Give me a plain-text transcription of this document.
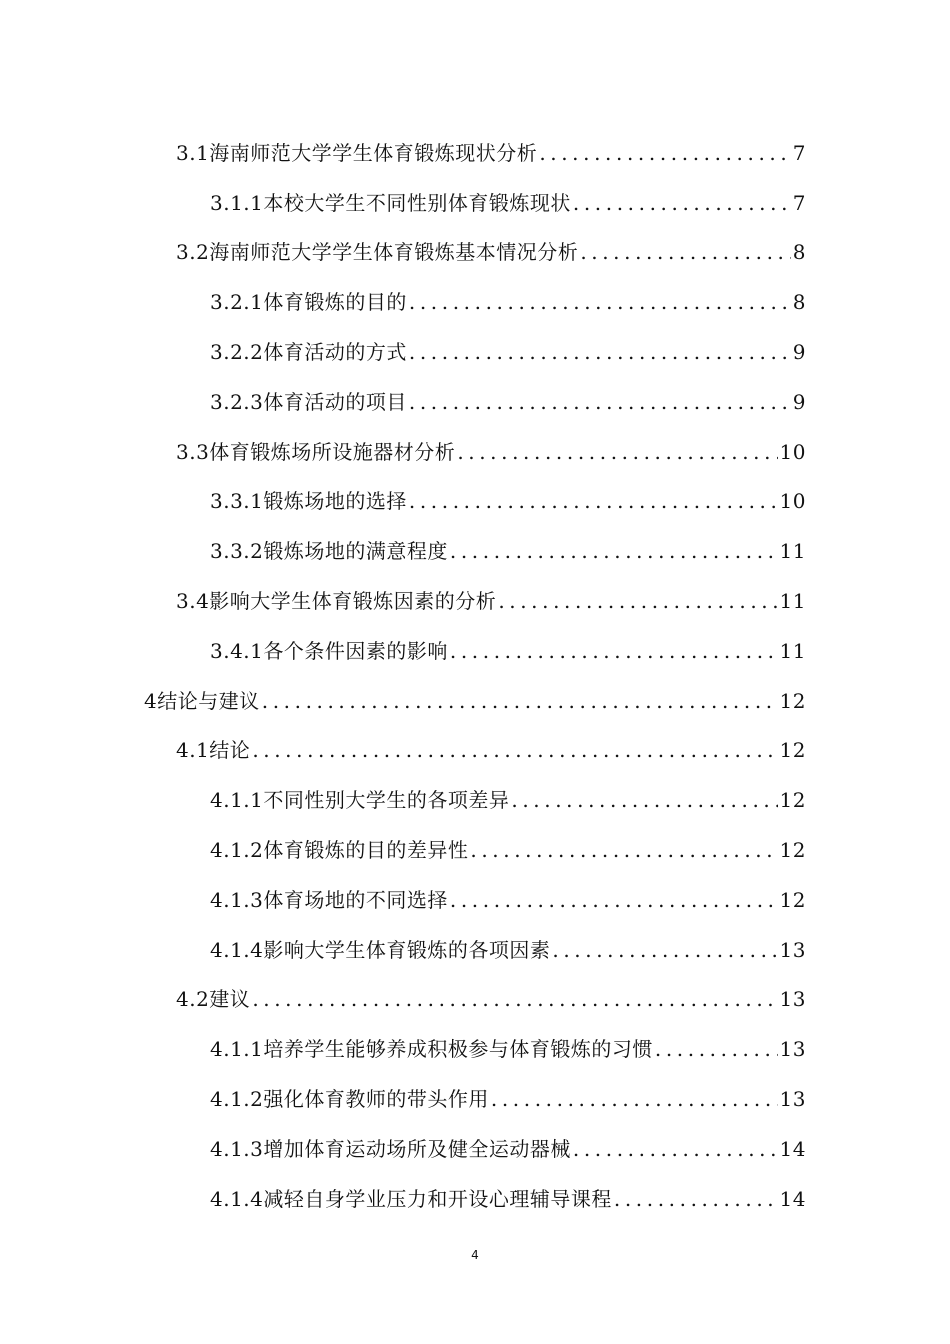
3.1海南师范大学学生体育锻炼现状分析 .....	7
3.1.1本校大学生不同性别体育锻炼现状 .....	7
3.2海南师范大学学生体育锻炼基本情况分析 .....	8
3.2.1体育锻炼的目的 .....	8
3.2.2体育活动的方式 .....	9
3.2.3体育活动的项目 .....	9
3.3体育锻炼场所设施器材分析 .....	10
3.3.1锻炼场地的选择 .....	10
3.3.2锻炼场地的满意程度 .....	11
3.4影响大学生体育锻炼因素的分析 .....	11
3.4.1各个条件因素的影响 .....	11
4结论与建议 .....	12
4.1结论 .....	12
4.1.1不同性别大学生的各项差异 .....	12
4.1.2体育锻炼的目的差异性 .....	12
4.1.3体育场地的不同选择 .....	12
4.1.4影响大学生体育锻炼的各项因素 .....	13
4.2建议 .....	13
4.1.1培养学生能够养成积极参与体育锻炼的习惯 .....	13
4.1.2强化体育教师的带头作用 .....	13
4.1.3增加体育运动场所及健全运动器械 .....	14
4.1.4减轻自身学业压力和开设心理辅导课程 .....	14
4
